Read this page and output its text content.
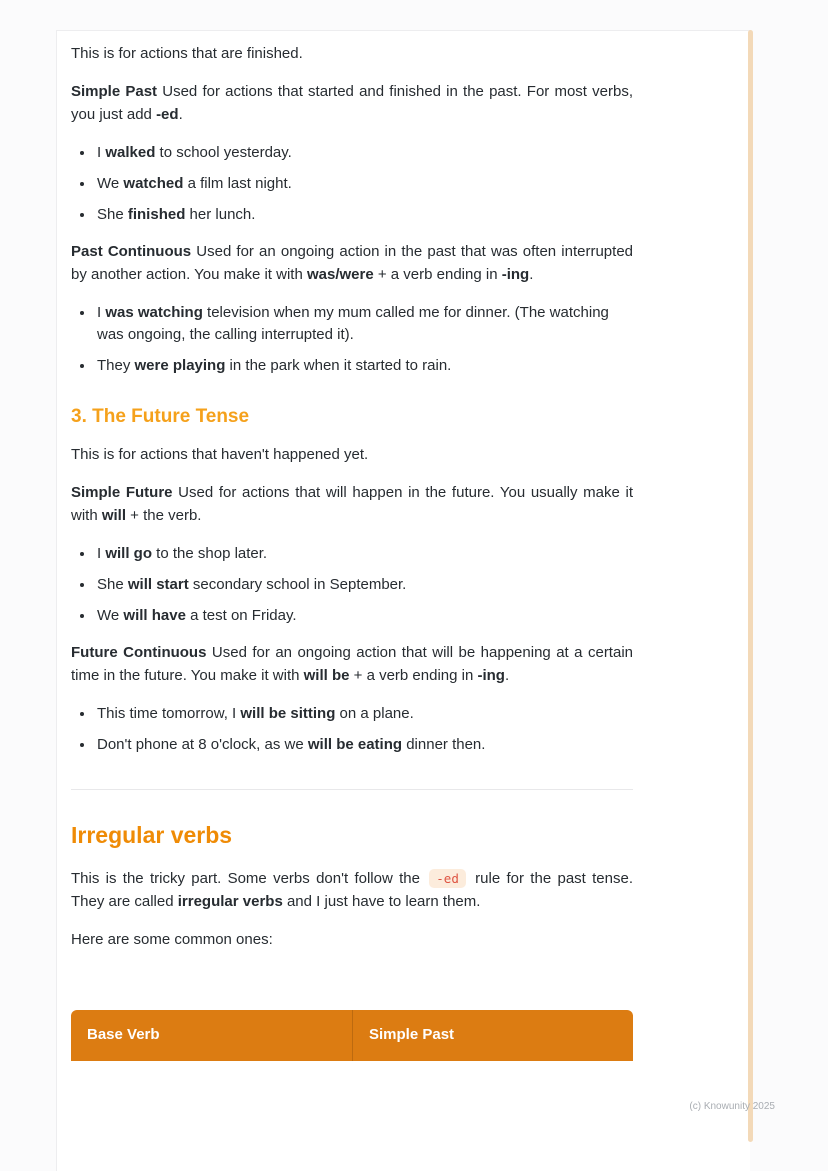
This is for actions that are finished.

Simple Past Used for actions that started and finished in the past. For most verbs, you just add -ed.

• I walked to school yesterday.
• We watched a film last night.
• She finished her lunch.

Past Continuous Used for an ongoing action in the past that was often interrupted by another action. You make it with was/were + a verb ending in -ing.

• I was watching television when my mum called me for dinner. (The watching was ongoing, the calling interrupted it).
• They were playing in the park when it started to rain.
3. The Future Tense

This is for actions that haven't happened yet.

Simple Future Used for actions that will happen in the future. You usually make it with will + the verb.

• I will go to the shop later.
• She will start secondary school in September.
• We will have a test on Friday.

Future Continuous Used for an ongoing action that will be happening at a certain time in the future. You make it with will be + a verb ending in -ing.

• This time tomorrow, I will be sitting on a plane.
• Don't phone at 8 o'clock, as we will be eating dinner then.
Irregular verbs

This is the tricky part. Some verbs don't follow the -ed rule for the past tense. They are called irregular verbs and I just have to learn them.

Here are some common ones:

Base Verb	Simple Past
(c) Knowunity 2025
